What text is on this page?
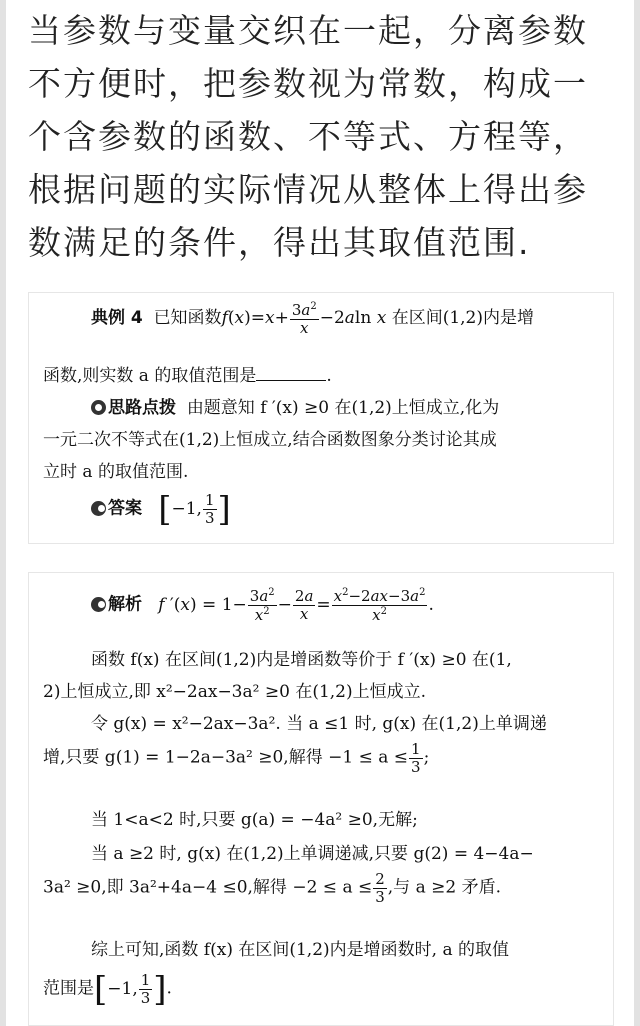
当参数与变量交织在一起，分离参数
不方便时，把参数视为常数，构成一
个含参数的函数、不等式、方程等，
根据问题的实际情况从整体上得出参
数满足的条件，得出其取值范围.
典例 4 已知函数$f(x)=x+ \frac{3a^2}{x} -2aln$ x 在区间(1,2)内是增
函数,则实数 a 的取值范围是	.
思路点拨 由题意知 f ′(x) ≥0 在(1,2)上恒成立,化为
一元二次不等式在(1,2)上恒成立,结合函数图象分类讨论其成
立时 a 的取值范围.
答案 [−1, $\frac{1}{3}$ ]
解析 f $'(x) = 1- \frac{3a^2}{x^2} - \frac{2a}{x} = \frac{x^2-2ax-3a^2}{x^2}$ .
函数 f(x) 在区间(1,2)内是增函数等价于 f ′(x) ≥0 在(1,
2)上恒成立,即 x²−2ax−3a² ≥0 在(1,2)上恒成立.
令 g(x) = x²−2ax−3a². 当 a ≤1 时, g(x) 在(1,2)上单调递
增,只要 g(1) = 1−2a−3a² ≥0,解得 $-1 \le a \le \frac{1}{3}$ ;
当 1<a<2 时,只要 g(a) = −4a² ≥0,无解;
当 a ≥2 时, g(x) 在(1,2)上单调递减,只要 g(2) = 4−4a−
3a² ≥0,即 3a²+4a−4 ≤0,解得 $-2 \le a \le \frac{2}{3}$ ,与 a ≥2 矛盾.
综上可知,函数 f(x) 在区间(1,2)内是增函数时, a 的取值
范围是[−1, $\frac{1}{3}$ ].
